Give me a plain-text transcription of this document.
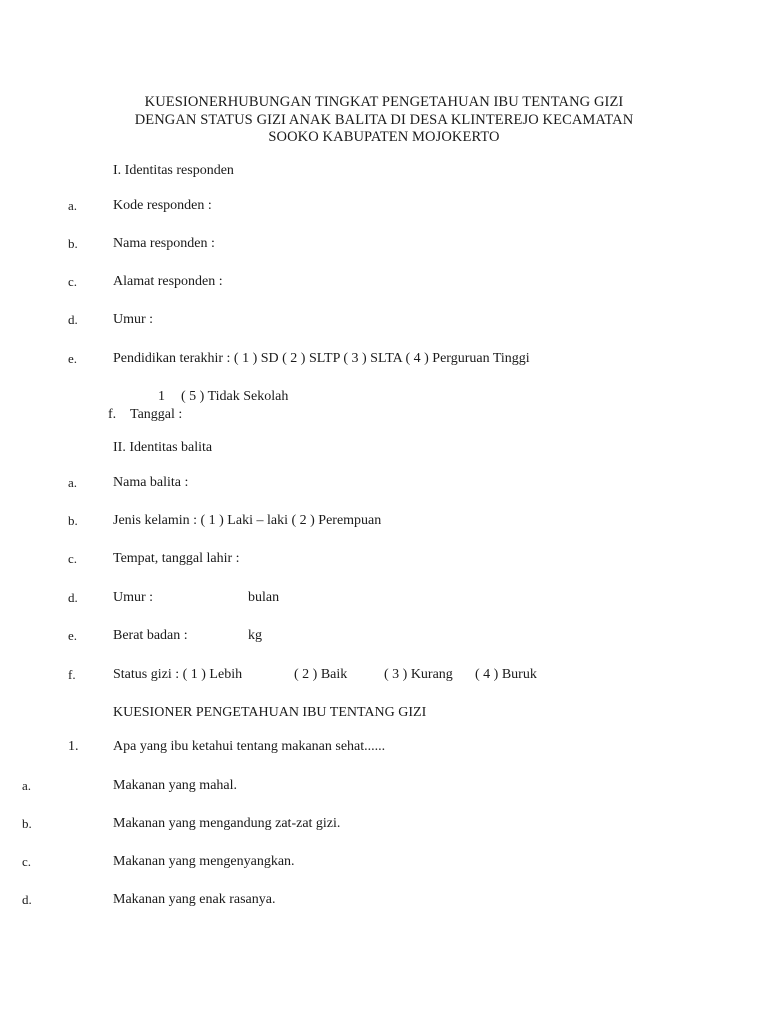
KUESIONERHUBUNGAN TINGKAT PENGETAHUAN IBU TENTANG GIZI
DENGAN STATUS GIZI ANAK BALITA DI DESA KLINTEREJO KECAMATAN
SOOKO KABUPATEN MOJOKERTO
I. Identitas responden
a.	Kode responden :
b.	Nama responden :
c.	Alamat responden :
d.	Umur :
e.	Pendidikan terakhir : ( 1 ) SD ( 2 ) SLTP ( 3 ) SLTA ( 4 ) Perguruan Tinggi
1 ( 5 ) Tidak Sekolah
f. Tanggal :
II. Identitas balita
a.	Nama balita :
b.	Jenis kelamin : ( 1 ) Laki – laki ( 2 ) Perempuan
c.	Tempat, tanggal lahir :
d.	Umur :	bulan
e.	Berat badan :	kg
f.	Status gizi : ( 1 ) Lebih	( 2 ) Baik	( 3 ) Kurang ( 4 ) Buruk
KUESIONER PENGETAHUAN IBU TENTANG GIZI
1. Apa yang ibu ketahui tentang makanan sehat......
a.	Makanan yang mahal.
b.	Makanan yang mengandung zat-zat gizi.
c.	Makanan yang mengenyangkan.
d.	Makanan yang enak rasanya.
